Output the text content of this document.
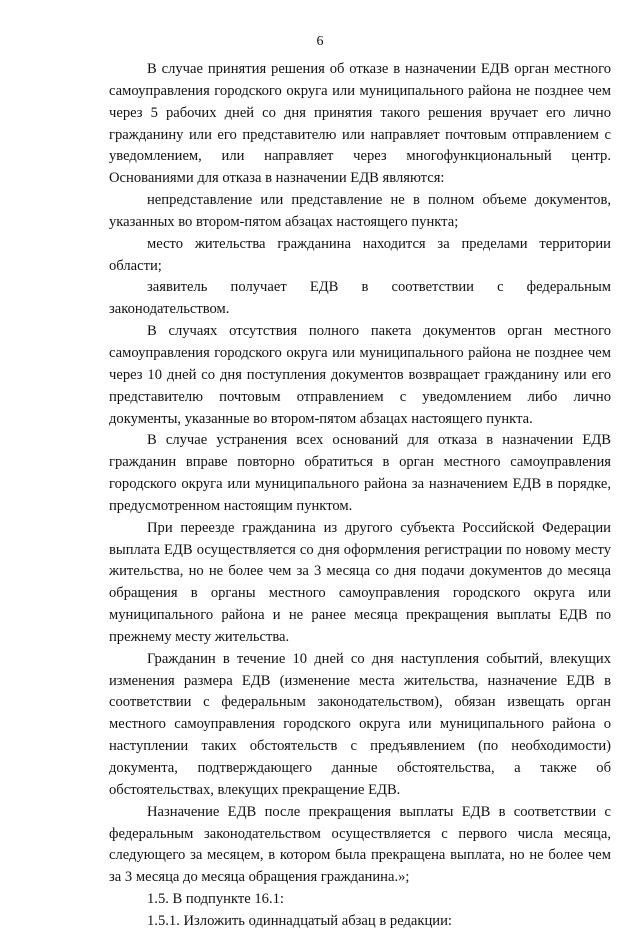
6

В случае принятия решения об отказе в назначении ЕДВ орган местного самоуправления городского округа или муниципального района не позднее чем через 5 рабочих дней со дня принятия такого решения вручает его лично гражданину или его представителю или направляет почтовым отправлением с уведомлением, или направляет через многофункциональный центр. Основаниями для отказа в назначении ЕДВ являются:

непредставление или представление не в полном объеме документов, указанных во втором-пятом абзацах настоящего пункта;

место жительства гражданина находится за пределами территории области;

заявитель получает ЕДВ в соответствии с федеральным законодательством.

В случаях отсутствия полного пакета документов орган местного самоуправления городского округа или муниципального района не позднее чем через 10 дней со дня поступления документов возвращает гражданину или его представителю почтовым отправлением с уведомлением либо лично документы, указанные во втором-пятом абзацах настоящего пункта.

В случае устранения всех оснований для отказа в назначении ЕДВ гражданин вправе повторно обратиться в орган местного самоуправления городского округа или муниципального района за назначением ЕДВ в порядке, предусмотренном настоящим пунктом.

При переезде гражданина из другого субъекта Российской Федерации выплата ЕДВ осуществляется со дня оформления регистрации по новому месту жительства, но не более чем за 3 месяца со дня подачи документов до месяца обращения в органы местного самоуправления городского округа или муниципального района и не ранее месяца прекращения выплаты ЕДВ по прежнему месту жительства.

Гражданин в течение 10 дней со дня наступления событий, влекущих изменения размера ЕДВ (изменение места жительства, назначение ЕДВ в соответствии с федеральным законодательством), обязан извещать орган местного самоуправления городского округа или муниципального района о наступлении таких обстоятельств с предъявлением (по необходимости) документа, подтверждающего данные обстоятельства, а также об обстоятельствах, влекущих прекращение ЕДВ.

Назначение ЕДВ после прекращения выплаты ЕДВ в соответствии с федеральным законодательством осуществляется с первого числа месяца, следующего за месяцем, в котором была прекращена выплата, но не более чем за 3 месяца до месяца обращения гражданина.»;

1.5. В подпункте 16.1:

1.5.1. Изложить одиннадцатый абзац в редакции:
